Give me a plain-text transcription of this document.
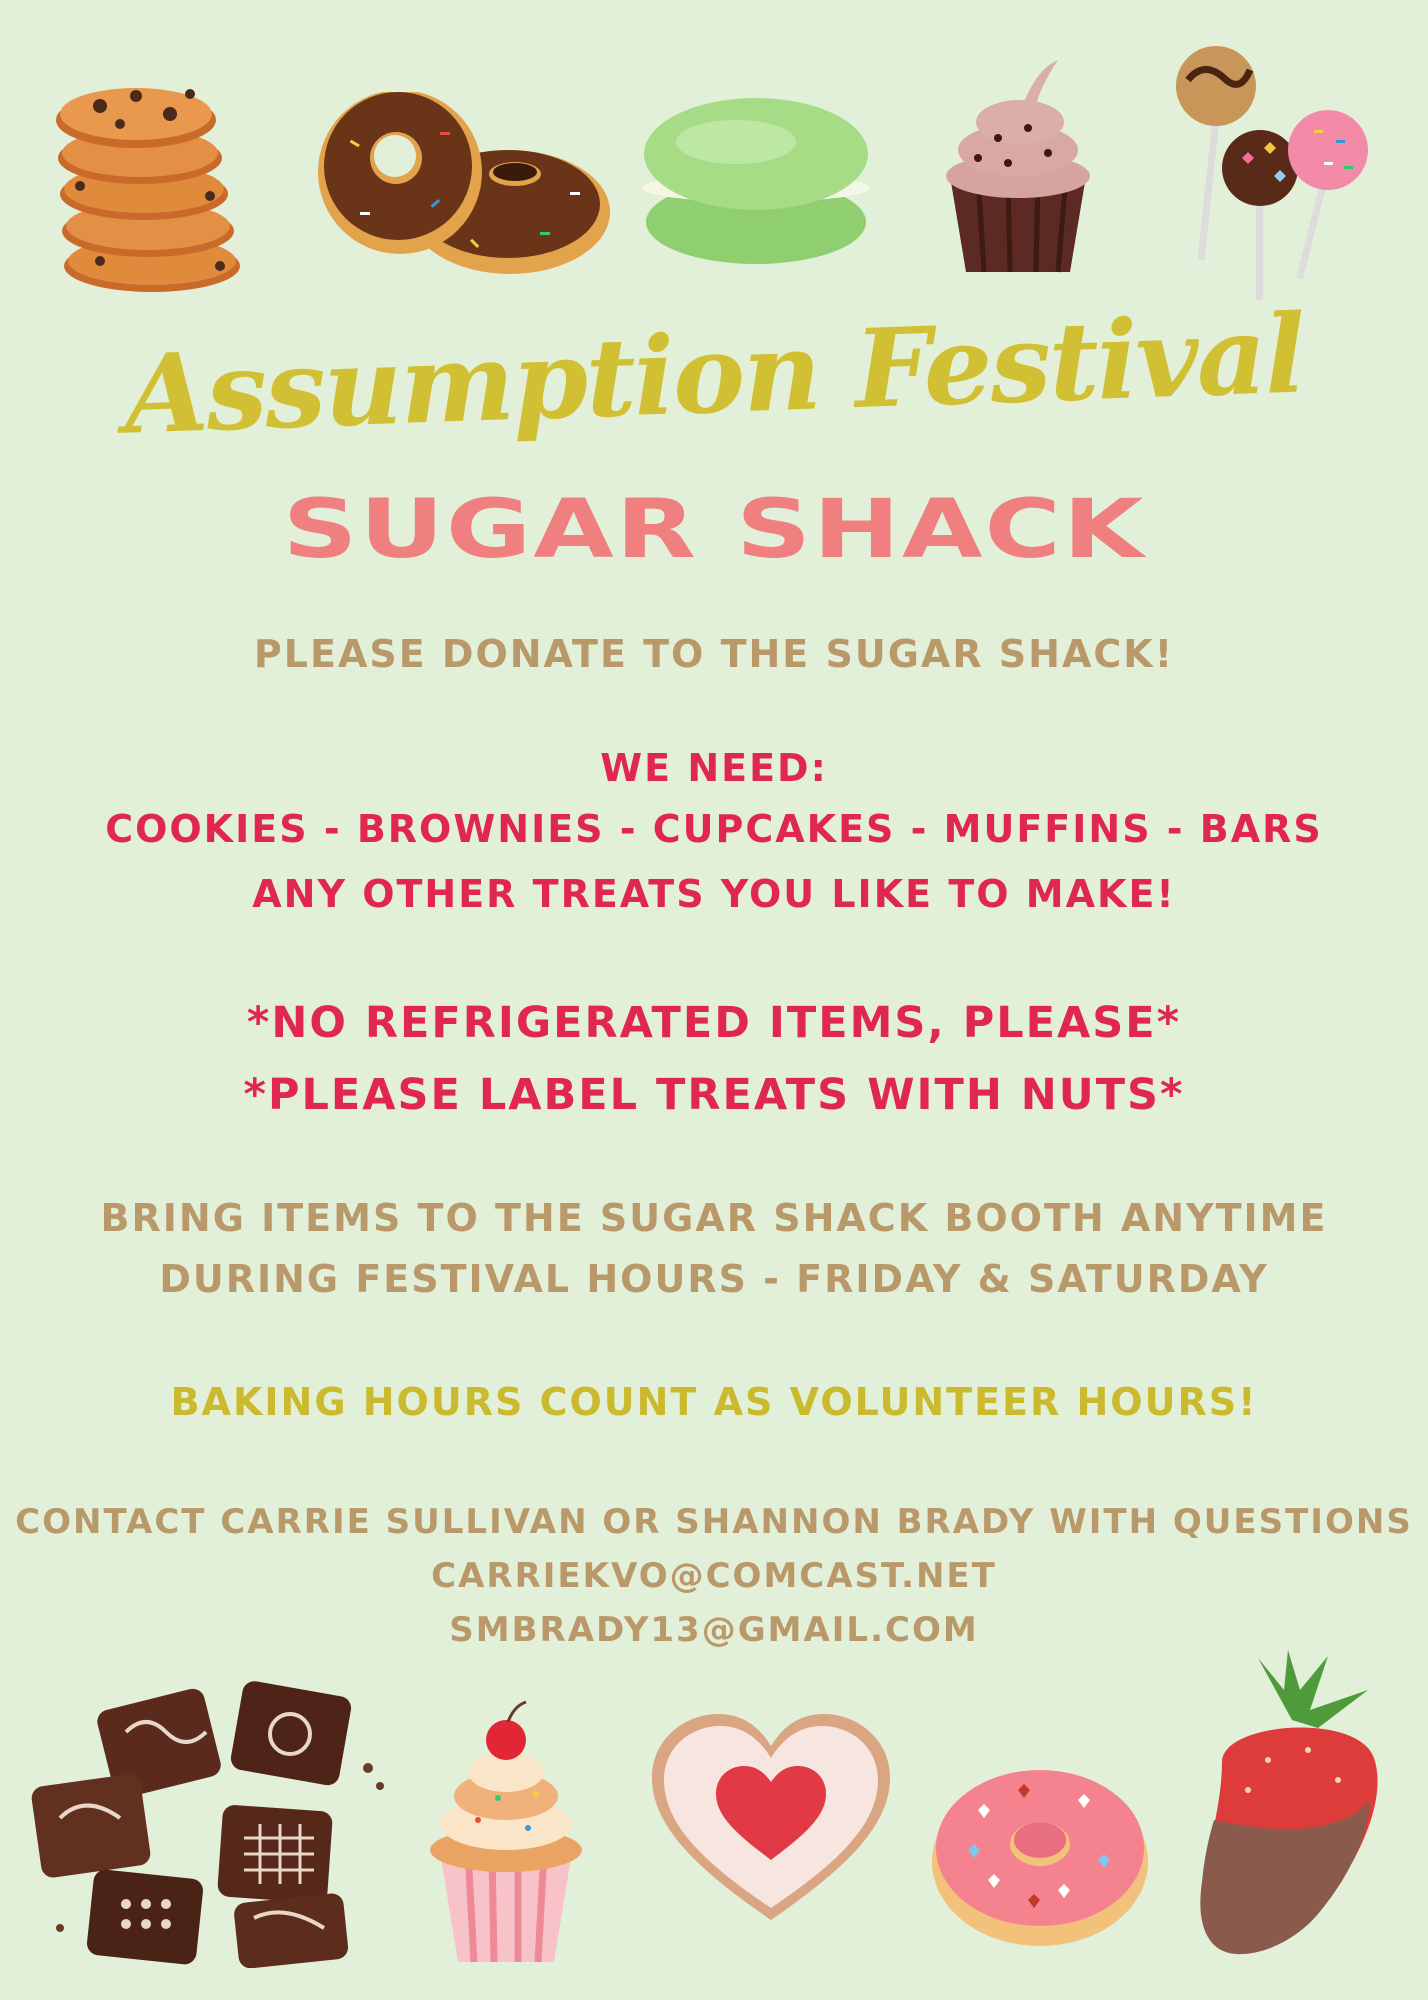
Assumption Festival
SUGAR SHACK
PLEASE DONATE TO THE SUGAR SHACK!
WE NEED:
COOKIES - BROWNIES - CUPCAKES - MUFFINS - BARS
ANY OTHER TREATS YOU LIKE TO MAKE!
*NO REFRIGERATED ITEMS, PLEASE*
*PLEASE LABEL TREATS WITH NUTS*
BRING ITEMS TO THE SUGAR SHACK BOOTH ANYTIME
DURING FESTIVAL HOURS - FRIDAY & SATURDAY
BAKING HOURS COUNT AS VOLUNTEER HOURS!
CONTACT CARRIE SULLIVAN OR SHANNON BRADY WITH QUESTIONS
CARRIEKVO@COMCAST.NET
SMBRADY13@GMAIL.COM
